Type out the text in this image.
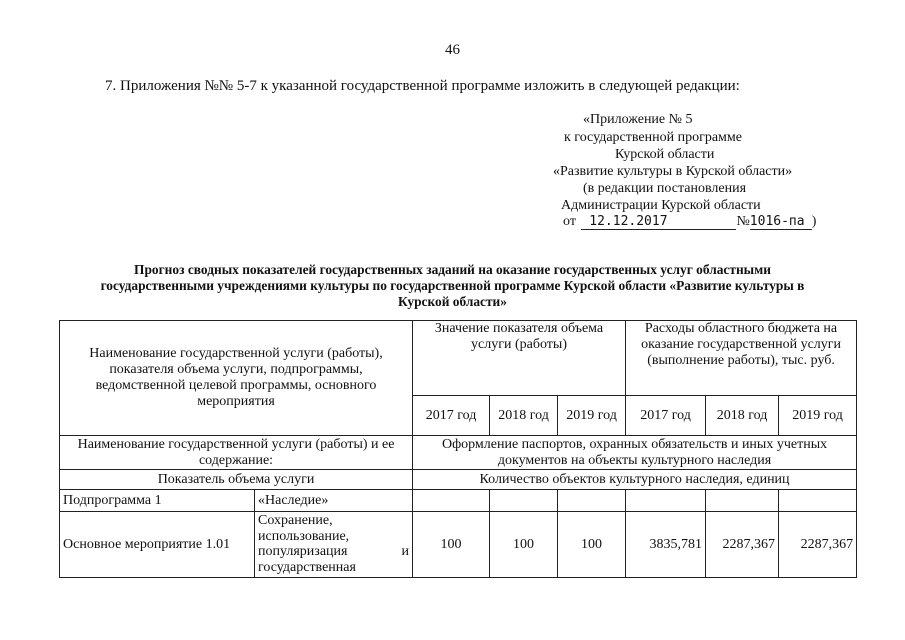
46
7. Приложения №№ 5-7 к указанной государственной программе изложить в следующей редакции:
«Приложение № 5
к государственной программе
Курской области
«Развитие культуры в Курской области»
(в редакции постановления
Администрации Курской области
от 12.12.2017	№1016-па )
Прогноз сводных показателей государственных заданий на оказание государственных услуг областными
государственными учреждениями культуры по государственной программе Курской области «Развитие культуры в
Курской области»
Наименование государственной услуги (работы), показателя объема услуги, подпрограммы, ведомственной целевой программы, основного мероприятия		Значение показателя объема услуги (работы)			Расходы областного бюджета на оказание государственной услуги (выполнение работы), тыс. руб.		
		2017 год	2018 год	2019 год	2017 год	2018 год	2019 год
Наименование государственной услуги (работы) и ее содержание:		Оформление паспортов, охранных обязательств и иных учетных документов на объекты культурного наследия					
Показатель объема услуги		Количество объектов культурного наследия, единиц					
Подпрограмма 1	«Наследие»						
Основное мероприятие 1.01	Сохранение,
использование,
популяризация и
государственная	100	100	100	3835,781	2287,367	2287,367
